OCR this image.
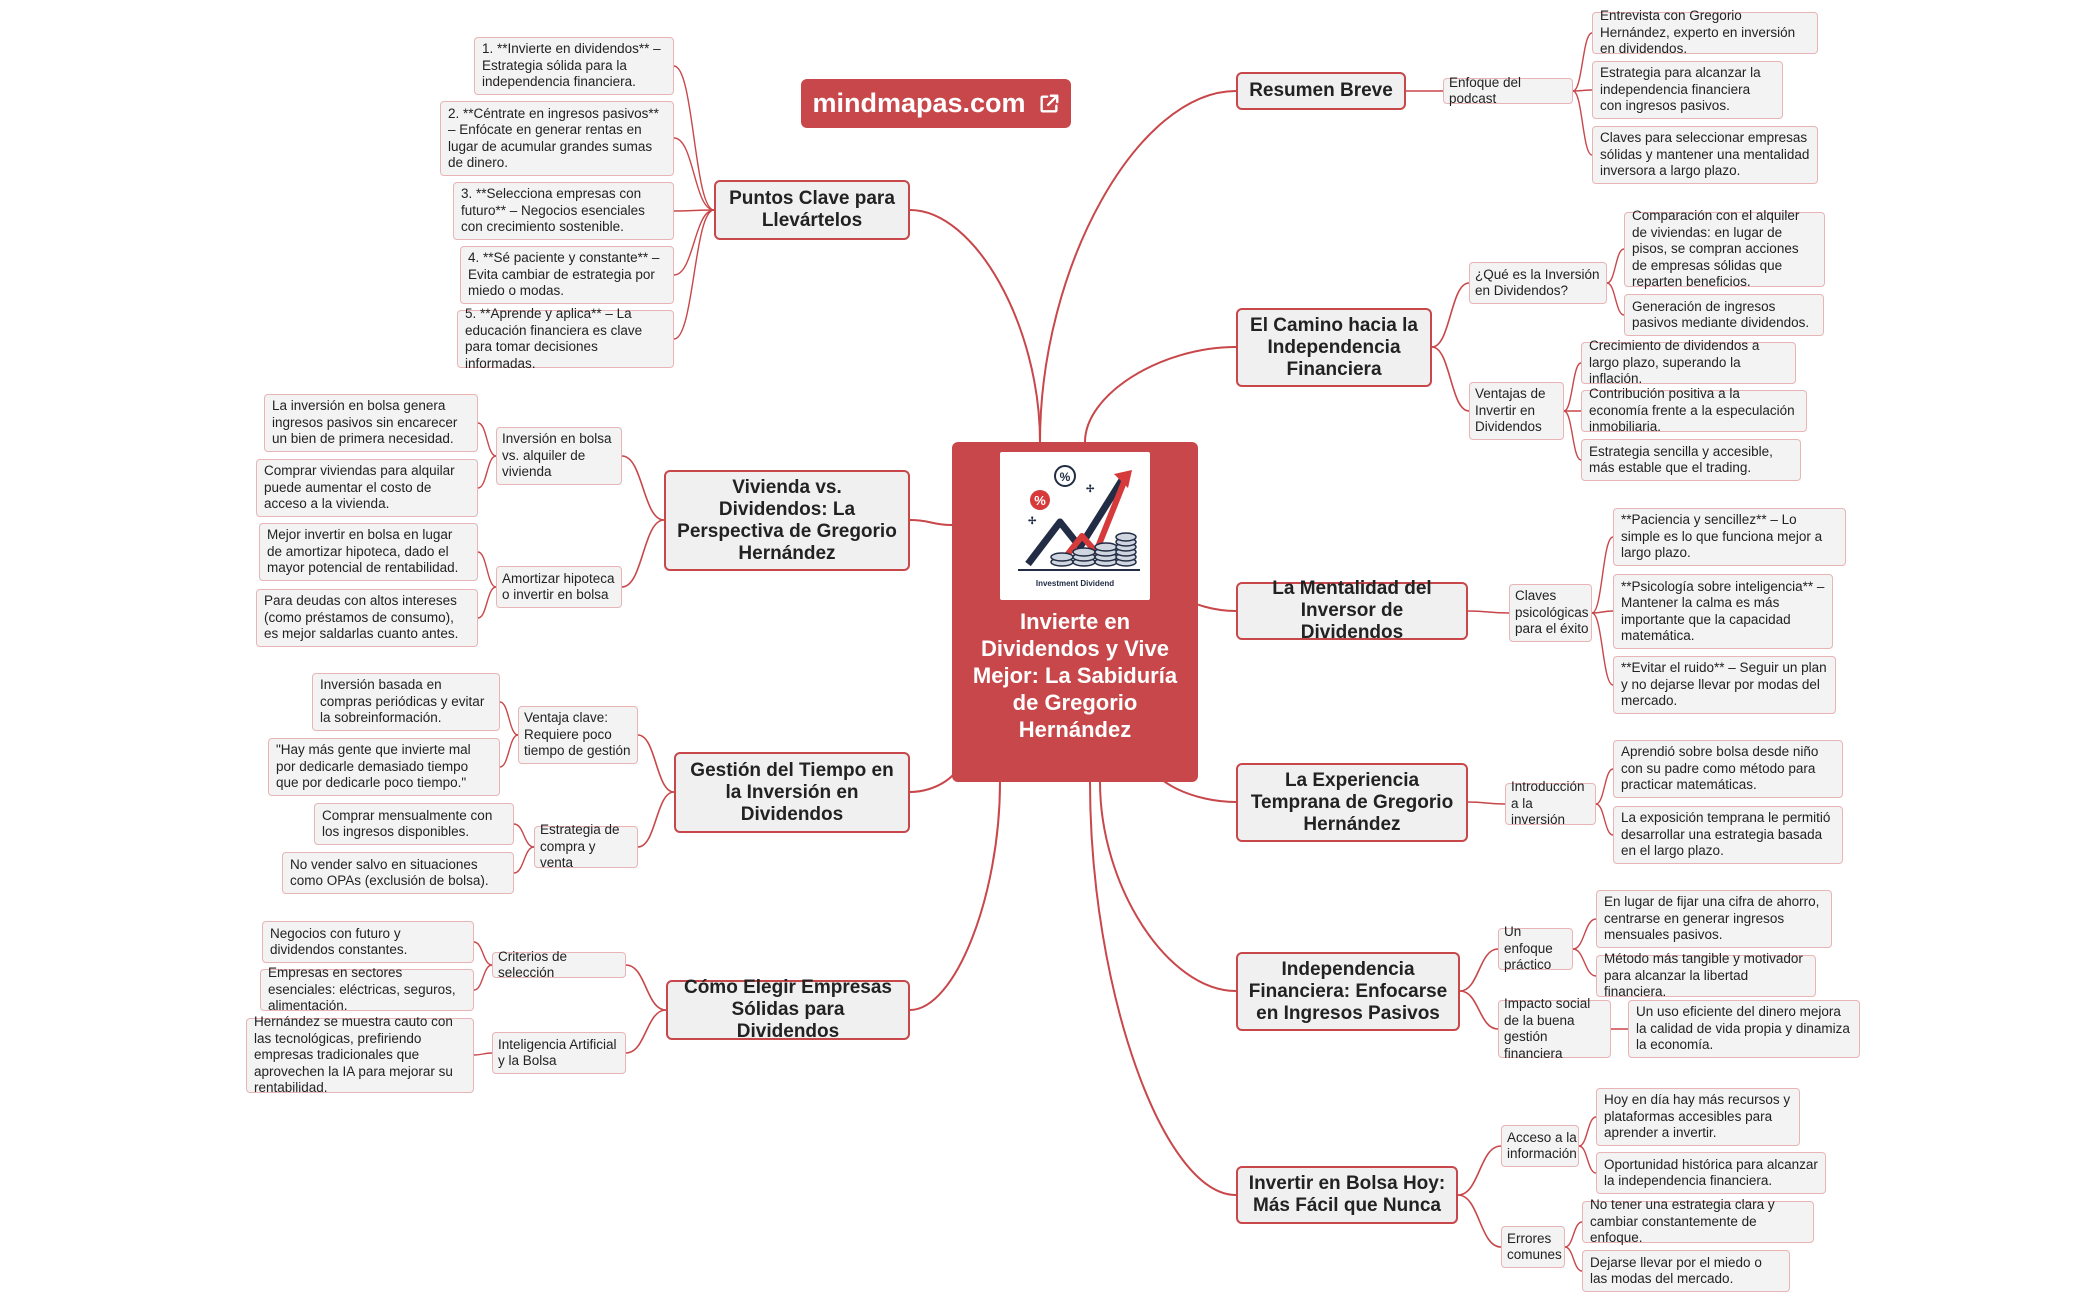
mindmapas.com
%
%
✢
✢
Investment Dividend
Invierte en Dividendos y Vive Mejor: La Sabiduría de Gregorio Hernández
Resumen Breve	Enfoque del podcast
Entrevista con Gregorio Hernández, experto en inversión en dividendos.
Estrategia para alcanzar la independencia financiera con ingresos pasivos.
Claves para seleccionar empresas sólidas y mantener una mentalidad inversora a largo plazo.
El Camino hacia la Independencia Financiera
¿Qué es la Inversión en Dividendos?
Comparación con el alquiler de viviendas: en lugar de pisos, se compran acciones de empresas sólidas que reparten beneficios.
Generación de ingresos pasivos mediante dividendos.
Ventajas de Invertir en Dividendos
Crecimiento de dividendos a largo plazo, superando la inflación.
Contribución positiva a la economía frente a la especulación inmobiliaria.
Estrategia sencilla y accesible, más estable que el trading.
La Mentalidad del Inversor de Dividendos
Claves psicológicas para el éxito
**Paciencia y sencillez** – Lo simple es lo que funciona mejor a largo plazo.
**Psicología sobre inteligencia** – Mantener la calma es más importante que la capacidad matemática.
**Evitar el ruido** – Seguir un plan y no dejarse llevar por modas del mercado.
La Experiencia Temprana de Gregorio Hernández
Introducción a la inversión
Aprendió sobre bolsa desde niño con su padre como método para practicar matemáticas.
La exposición temprana le permitió desarrollar una estrategia basada en el largo plazo.
Independencia Financiera: Enfocarse en Ingresos Pasivos
Un enfoque práctico
En lugar de fijar una cifra de ahorro, centrarse en generar ingresos mensuales pasivos.
Método más tangible y motivador para alcanzar la libertad financiera.
Impacto social de la buena gestión financiera
Un uso eficiente del dinero mejora la calidad de vida propia y dinamiza la economía.
Invertir en Bolsa Hoy: Más Fácil que Nunca
Acceso a la información
Hoy en día hay más recursos y plataformas accesibles para aprender a invertir.
Oportunidad histórica para alcanzar la independencia financiera.
Errores comunes
No tener una estrategia clara y cambiar constantemente de enfoque.
Dejarse llevar por el miedo o las modas del mercado.
Puntos Clave para Llevártelos
1. **Invierte en dividendos** – Estrategia sólida para la independencia financiera.
2. **Céntrate en ingresos pasivos** – Enfócate en generar rentas en lugar de acumular grandes sumas de dinero.
3. **Selecciona empresas con futuro** – Negocios esenciales con crecimiento sostenible.
4. **Sé paciente y constante** – Evita cambiar de estrategia por miedo o modas.
5. **Aprende y aplica** – La educación financiera es clave para tomar decisiones informadas.
Vivienda vs. Dividendos: La Perspectiva de Gregorio Hernández
Inversión en bolsa vs. alquiler de vivienda
La inversión en bolsa genera ingresos pasivos sin encarecer un bien de primera necesidad.
Comprar viviendas para alquilar puede aumentar el costo de acceso a la vivienda.
Amortizar hipoteca o invertir en bolsa
Mejor invertir en bolsa en lugar de amortizar hipoteca, dado el mayor potencial de rentabilidad.
Para deudas con altos intereses (como préstamos de consumo), es mejor saldarlas cuanto antes.
Gestión del Tiempo en la Inversión en Dividendos
Ventaja clave: Requiere poco tiempo de gestión
Inversión basada en compras periódicas y evitar la sobreinformación.
"Hay más gente que invierte mal por dedicarle demasiado tiempo que por dedicarle poco tiempo."
Estrategia de compra y venta
Comprar mensualmente con los ingresos disponibles.
No vender salvo en situaciones como OPAs (exclusión de bolsa).
Cómo Elegir Empresas Sólidas para Dividendos
Criterios de selección
Negocios con futuro y dividendos constantes.
Empresas en sectores esenciales: eléctricas, seguros, alimentación.
Inteligencia Artificial y la Bolsa
Hernández se muestra cauto con las tecnológicas, prefiriendo empresas tradicionales que aprovechen la IA para mejorar su rentabilidad.
